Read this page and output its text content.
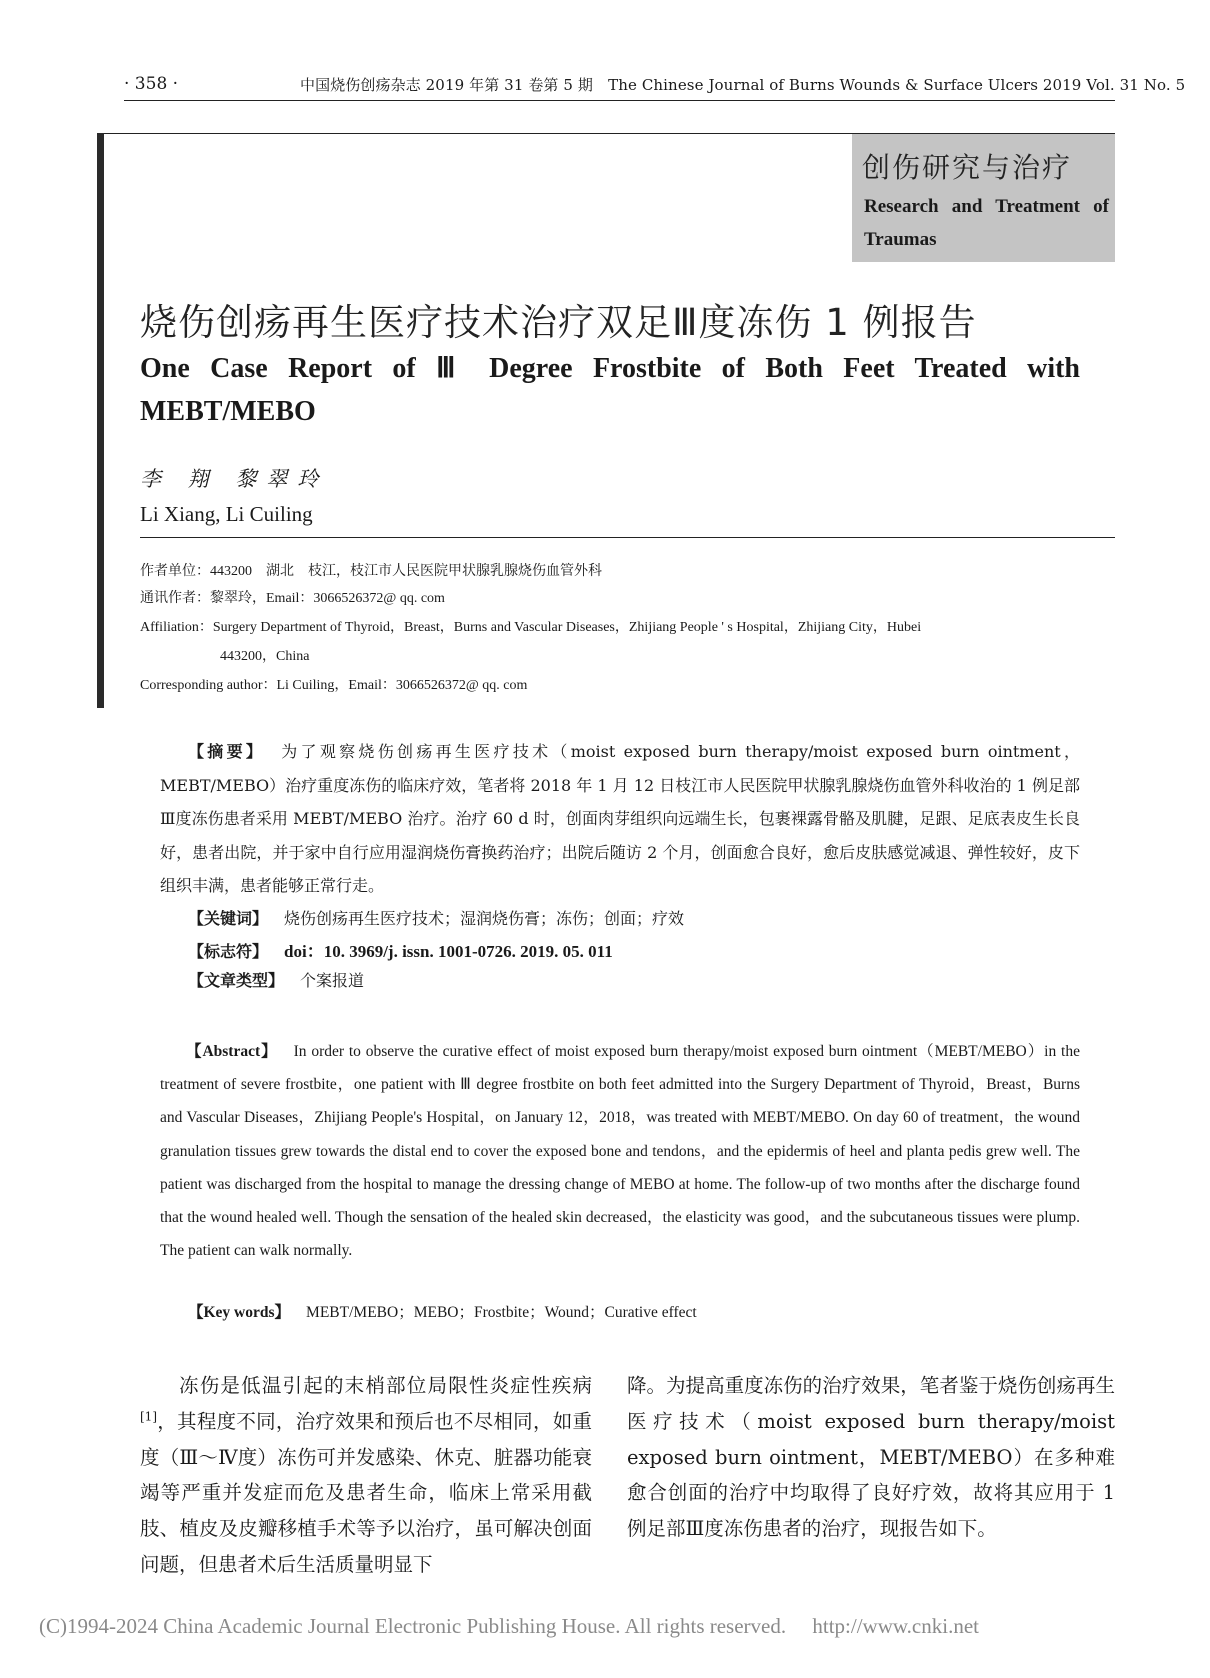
· 358 ·	中国烧伤创疡杂志 2019 年第 31 卷第 5 期　The Chinese Journal of Burns Wounds & Surface Ulcers 2019 Vol. 31 No. 5
创伤研究与治疗
Research and Treatment of Traumas
烧伤创疡再生医疗技术治疗双足Ⅲ度冻伤 1 例报告
One Case Report of Ⅲ Degree Frostbite of Both Feet Treated with MEBT/MEBO
李 翔 黎翠玲
Li Xiang, Li Cuiling
作者单位：443200　湖北　枝江，枝江市人民医院甲状腺乳腺烧伤血管外科
通讯作者：黎翠玲，Email：3066526372@ qq. com
Affiliation：Surgery Department of Thyroid，Breast，Burns and Vascular Diseases，Zhijiang People ' s Hospital，Zhijiang City，Hubei
443200，China
Corresponding author：Li Cuiling，Email：3066526372@ qq. com
【摘要】 为了观察烧伤创疡再生医疗技术（moist exposed burn therapy/moist exposed burn ointment，MEBT/MEBO）治疗重度冻伤的临床疗效，笔者将 2018 年 1 月 12 日枝江市人民医院甲状腺乳腺烧伤血管外科收治的 1 例足部Ⅲ度冻伤患者采用 MEBT/MEBO 治疗。治疗 60 d 时，创面肉芽组织向远端生长，包裹裸露骨骼及肌腱，足跟、足底表皮生长良好，患者出院，并于家中自行应用湿润烧伤膏换药治疗；出院后随访 2 个月，创面愈合良好，愈后皮肤感觉减退、弹性较好，皮下组织丰满，患者能够正常行走。
【关键词】 烧伤创疡再生医疗技术；湿润烧伤膏；冻伤；创面；疗效
【标志符】 doi：10. 3969/j. issn. 1001-0726. 2019. 05. 011
【文章类型】 个案报道
【Abstract】 In order to observe the curative effect of moist exposed burn therapy/moist exposed burn ointment（MEBT/MEBO）in the treatment of severe frostbite，one patient with Ⅲ degree frostbite on both feet admitted into the Surgery Department of Thyroid，Breast，Burns and Vascular Diseases，Zhijiang People's Hospital，on January 12，2018，was treated with MEBT/MEBO. On day 60 of treatment，the wound granulation tissues grew towards the distal end to cover the exposed bone and tendons，and the epidermis of heel and planta pedis grew well. The patient was discharged from the hospital to manage the dressing change of MEBO at home. The follow-up of two months after the discharge found that the wound healed well. Though the sensation of the healed skin decreased，the elasticity was good，and the subcutaneous tissues were plump. The patient can walk normally.
【Key words】 MEBT/MEBO；MEBO；Frostbite；Wound；Curative effect
冻伤是低温引起的末梢部位局限性炎症性疾病[1]，其程度不同，治疗效果和预后也不尽相同，如重度（Ⅲ～Ⅳ度）冻伤可并发感染、休克、脏器功能衰竭等严重并发症而危及患者生命，临床上常采用截肢、植皮及皮瓣移植手术等予以治疗，虽可解决创面问题，但患者术后生活质量明显下
降。为提高重度冻伤的治疗效果，笔者鉴于烧伤创疡再生医疗技术（moist exposed burn therapy/moist exposed burn ointment，MEBT/MEBO）在多种难愈合创面的治疗中均取得了良好疗效，故将其应用于 1 例足部Ⅲ度冻伤患者的治疗，现报告如下。
(C)1994-2024 China Academic Journal Electronic Publishing House. All rights reserved.　 http://www.cnki.net
